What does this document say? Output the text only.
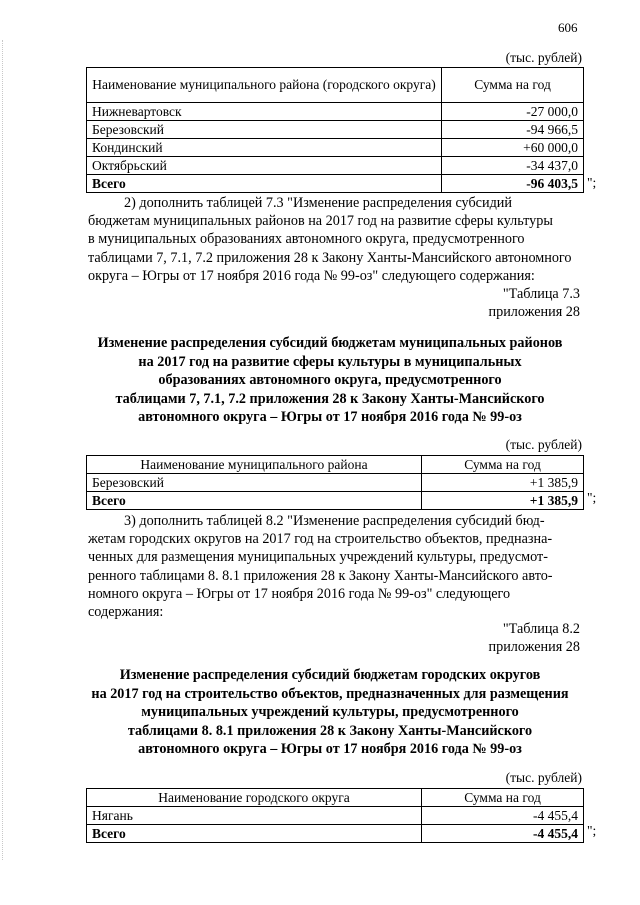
606
(тыс. рублей)
Наименование муниципального района (городского округа)	Сумма на год
Нижневартовск	-27 000,0
Березовский	-94 966,5
Кондинский	+60 000,0
Октябрьский	-34 437,0
Всего	-96 403,5 ";
2) дополнить таблицей 7.3 "Изменение распределения субсидий
бюджетам муниципальных районов на 2017 год на развитие сферы культуры
в муниципальных образованиях автономного округа, предусмотренного
таблицами 7, 7.1, 7.2 приложения 28 к Закону Ханты-Мансийского автономного
округа – Югры от 17 ноября 2016 года № 99-оз" следующего содержания:
"Таблица 7.3
приложения 28
Изменение распределения субсидий бюджетам муниципальных районов
на 2017 год на развитие сферы культуры в муниципальных
образованиях автономного округа, предусмотренного
таблицами 7, 7.1, 7.2 приложения 28 к Закону Ханты-Мансийского
автономного округа – Югры от 17 ноября 2016 года № 99-оз
(тыс. рублей)
Наименование муниципального района	Сумма на год
Березовский	+1 385,9
Всего	+1 385,9 ";
3) дополнить таблицей 8.2 "Изменение распределения субсидий бюд-
жетам городских округов на 2017 год на строительство объектов, предназна-
ченных для размещения муниципальных учреждений культуры, предусмот-
ренного таблицами 8. 8.1 приложения 28 к Закону Ханты-Мансийского авто-
номного округа – Югры от 17 ноября 2016 года № 99-оз" следующего
содержания:
"Таблица 8.2
приложения 28
Изменение распределения субсидий бюджетам городских округов
на 2017 год на строительство объектов, предназначенных для размещения
муниципальных учреждений культуры, предусмотренного
таблицами 8. 8.1 приложения 28 к Закону Ханты-Мансийского
автономного округа – Югры от 17 ноября 2016 года № 99-оз
(тыс. рублей)
Наименование городского округа	Сумма на год
Нягань	-4 455,4
Всего	-4 455,4 ";
